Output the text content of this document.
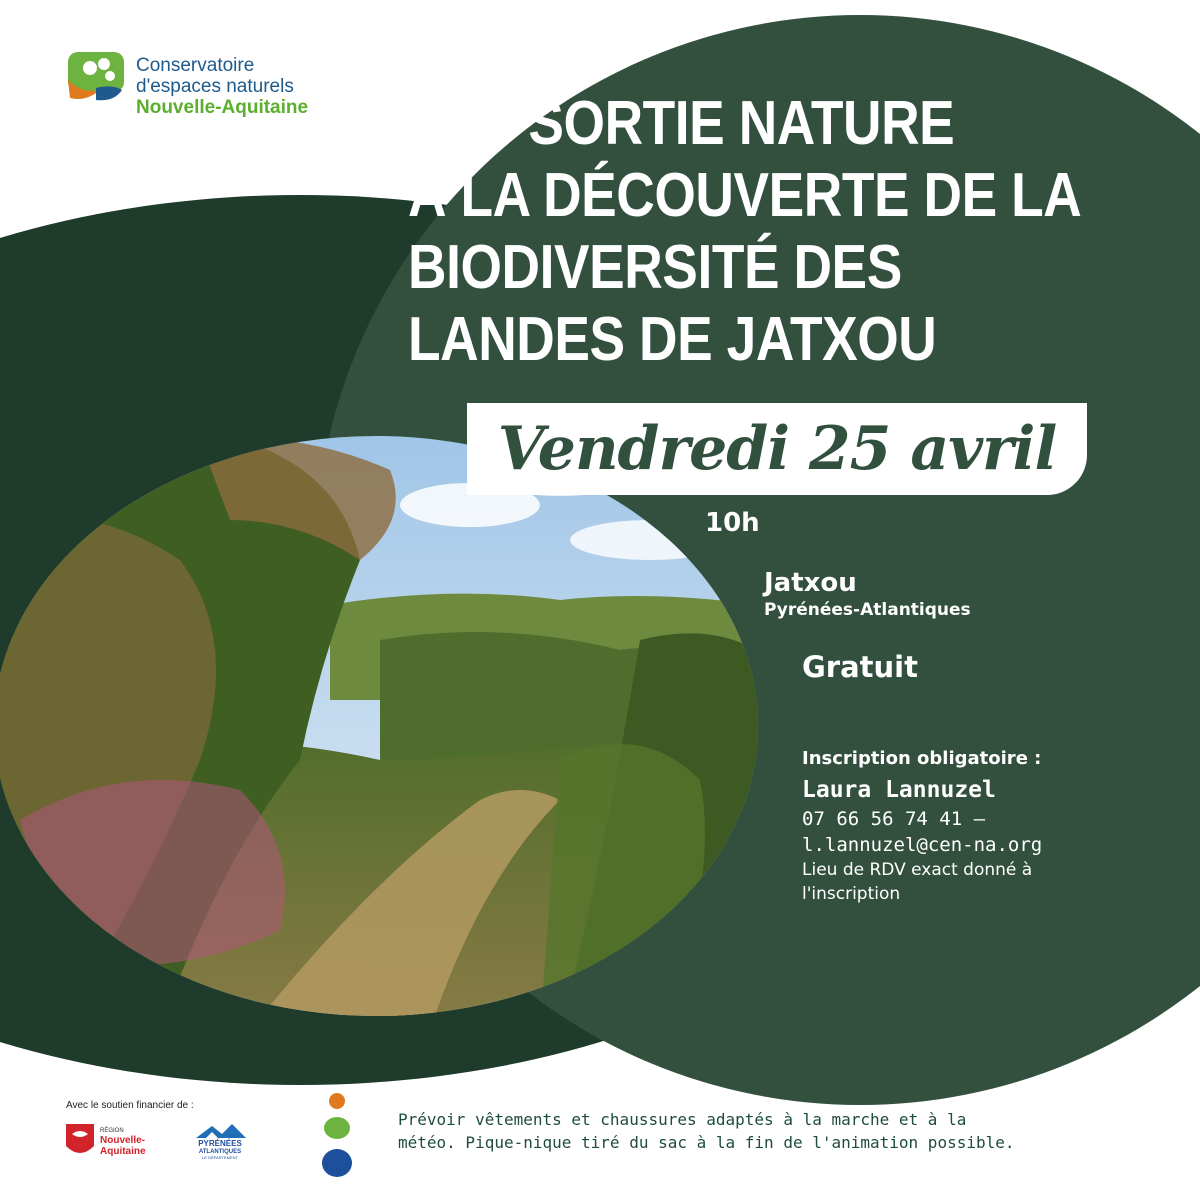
Conservatoire
d'espaces naturels
Nouvelle-Aquitaine	SORTIE NATURE
À LA DÉCOUVERTE DE LA
BIODIVERSITÉ DES
LANDES DE JATXOU
Vendredi 25 avril
10h
Jatxou
Pyrénées-Atlantiques
Gratuit
Inscription obligatoire :
Laura Lannuzel
07 66 56 74 41 –
l.lannuzel@cen-na.org
Lieu de RDV exact donné à
l'inscription
Avec le soutien financier de :
RÉGION
Nouvelle-
Aquitaine
PYRÉNÉES
ATLANTIQUES
LE DÉPARTEMENT

Prévoir vêtements et chaussures adaptés à la marche et à la
météo. Pique-nique tiré du sac à la fin de l'animation possible.
